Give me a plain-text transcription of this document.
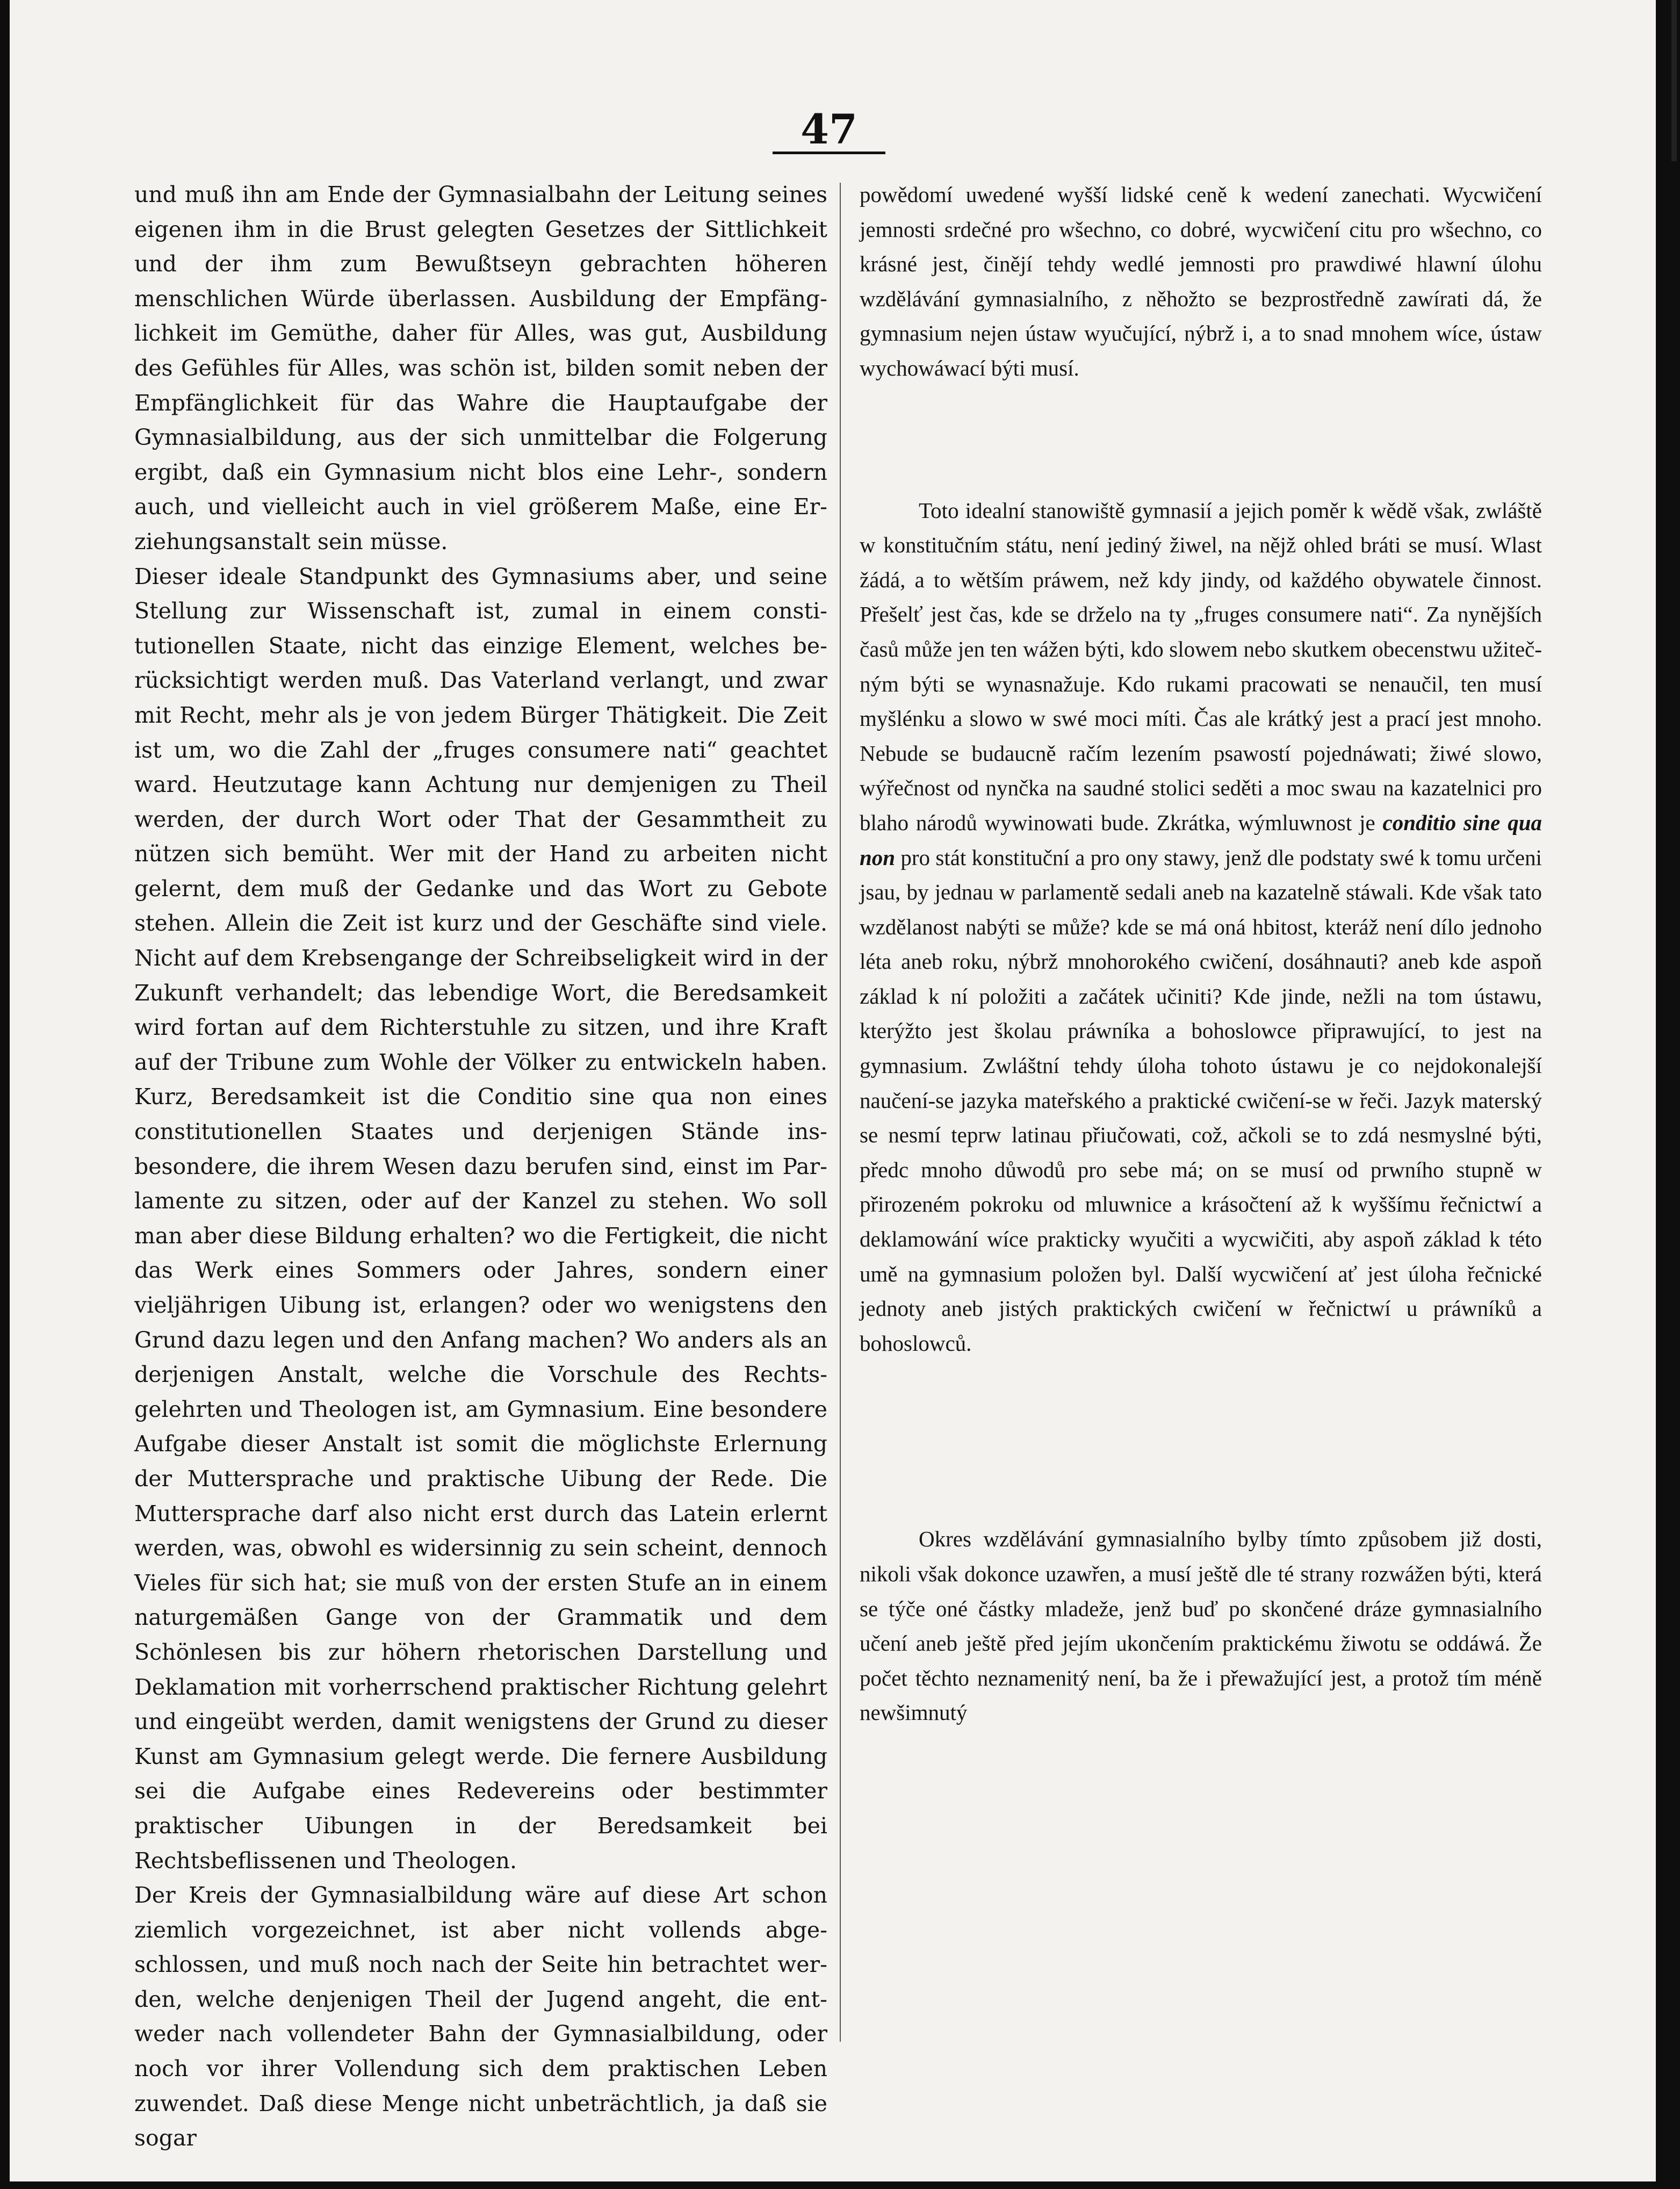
47

und muß ihn am Ende der Gymnasialbahn der Leitung seines eigenen ihm in die Brust gelegten Gesetzes der Sittlichkeit und der ihm zum Bewußtseyn gebrachten höheren menschlichen Würde überlassen. Ausbildung der Empfänglichkeit im Gemüthe, daher für Alles, was gut, Ausbildung des Gefühles für Alles, was schön ist, bilden somit neben der Empfänglichkeit für das Wahre die Hauptaufgabe der Gymnasialbildung, aus der sich unmittelbar die Folgerung ergibt, daß ein Gymnasium nicht blos eine Lehr-, sondern auch, und vielleicht auch in viel größerem Maße, eine Erziehungsanstalt sein müsse.

Dieser ideale Standpunkt des Gymnasiums aber, und seine Stellung zur Wissenschaft ist, zumal in einem constitutionellen Staate, nicht das einzige Element, welches berücksichtigt werden muß. Das Vaterland verlangt, und zwar mit Recht, mehr als je von jedem Bürger Thätigkeit. Die Zeit ist um, wo die Zahl der „fruges consumere nati“ geachtet ward. Heutzutage kann Achtung nur demjenigen zu Theil werden, der durch Wort oder That der Gesammtheit zu nützen sich bemüht. Wer mit der Hand zu arbeiten nicht gelernt, dem muß der Gedanke und das Wort zu Gebote stehen. Allein die Zeit ist kurz und der Geschäfte sind viele. Nicht auf dem Krebsengange der Schreibseligkeit wird in der Zukunft verhandelt; das lebendige Wort, die Beredsamkeit wird fortan auf dem Richterstuhle zu sitzen, und ihre Kraft auf der Tribune zum Wohle der Völker zu entwickeln haben. Kurz, Beredsamkeit ist die Conditio sine qua non eines constitutionellen Staates und derjenigen Stände insbesondere, die ihrem Wesen dazu berufen sind, einst im Parlamente zu sitzen, oder auf der Kanzel zu stehen. Wo soll man aber diese Bildung erhalten? wo die Fertigkeit, die nicht das Werk eines Sommers oder Jahres, sondern einer vieljährigen Uibung ist, erlangen? oder wo wenigstens den Grund dazu legen und den Anfang machen? Wo anders als an derjenigen Anstalt, welche die Vorschule des Rechtsgelehrten und Theologen ist, am Gymnasium. Eine besondere Aufgabe dieser Anstalt ist somit die möglichste Erlernung der Muttersprache und praktische Uibung der Rede. Die Muttersprache darf also nicht erst durch das Latein erlernt werden, was, obwohl es widersinnig zu sein scheint, dennoch Vieles für sich hat; sie muß von der ersten Stufe an in einem naturgemäßen Gange von der Grammatik und dem Schönlesen bis zur höhern rhetorischen Darstellung und Deklamation mit vorherrschend praktischer Richtung gelehrt und eingeübt werden, damit wenigstens der Grund zu dieser Kunst am Gymnasium gelegt werde. Die fernere Ausbildung sei die Aufgabe eines Redevereins oder bestimmter praktischer Uibungen in der Beredsamkeit bei Rechtsbeflissenen und Theologen.

Der Kreis der Gymnasialbildung wäre auf diese Art schon ziemlich vorgezeichnet, ist aber nicht vollends abgeschlossen, und muß noch nach der Seite hin betrachtet werden, welche denjenigen Theil der Jugend angeht, die entweder nach vollendeter Bahn der Gymnasialbildung, oder noch vor ihrer Vollendung sich dem praktischen Leben zuwendet. Daß diese Menge nicht unbeträchtlich, ja daß sie sogar

powědomí uwedené wyšší lidské ceně k wedení zanechati. Wycwičení jemnosti srdečné pro wšechno, co dobré, wycwičení citu pro wšechno, co krásné jest, činějí tehdy wedlé jemnosti pro prawdiwé hlawní úlohu wzdělávání gymnasialního, z něhožto se bezprostředně zawírati dá, že gymnasium nejen ústaw wyučující, nýbrž i, a to snad mnohem wíce, ústaw wychowáwací býti musí.

Toto idealní stanowiště gymnasií a jejich poměr k wědě však, zwláště w konstitučním státu, není jediný žiwel, na nějž ohled bráti se musí. Wlast žádá, a to wětším práwem, než kdy jindy, od každého obywatele činnost. Přešelť jest čas, kde se drželo na ty „fruges consumere nati“. Za nynějších časů může jen ten wážen býti, kdo slowem nebo skutkem obecenstwu užitečným býti se wynasnažuje. Kdo rukami pracowati se nenaučil, ten musí myšlénku a slowo w swé moci míti. Čas ale krátký jest a prací jest mnoho. Nebude se budaucně račím lezením psawostí pojednáwati; žiwé slowo, wýřečnost od nynčka na saudné stolici seděti a moc swau na kazatelnici pro blaho národů wywinowati bude. Zkrátka, wýmluwnost je conditio sine qua non pro stát konstituční a pro ony stawy, jenž dle podstaty swé k tomu určeni jsau, by jednau w parlamentě sedali aneb na kazatelně stáwali. Kde však tato wzdělanost nabýti se může? kde se má oná hbitost, kteráž není dílo jednoho léta aneb roku, nýbrž mnohorokého cwičení, dosáhnauti? aneb kde aspoň základ k ní položiti a začátek učiniti? Kde jinde, nežli na tom ústawu, kterýžto jest školau práwníka a bohoslowce připrawující, to jest na gymnasium. Zwláštní tehdy úloha tohoto ústawu je co nejdokonalejší naučení-se jazyka mateřského a praktické cwičení-se w řeči. Jazyk materský se nesmí teprw latinau přiučowati, což, ačkoli se to zdá nesmyslné býti, předc mnoho důwodů pro sebe má; on se musí od prwního stupně w přirozeném pokroku od mluwnice a krásočtení až k wyššímu řečnictwí a deklamowání wíce prakticky wyučiti a wycwičiti, aby aspoň základ k této umě na gymnasium položen byl. Další wycwičení ať jest úloha řečnické jednoty aneb jistých praktických cwičení w řečnictwí u práwníků a bohoslowců.

Okres wzdělávání gymnasialního bylby tímto způsobem již dosti, nikoli však dokonce uzawřen, a musí ještě dle té strany rozwážen býti, která se týče oné částky mladeže, jenž buď po skončené dráze gymnasialního učení aneb ještě před jejím ukončením praktickému žiwotu se oddáwá. Že počet těchto neznamenitý není, ba že i přewažující jest, a protož tím méně newšimnutý
